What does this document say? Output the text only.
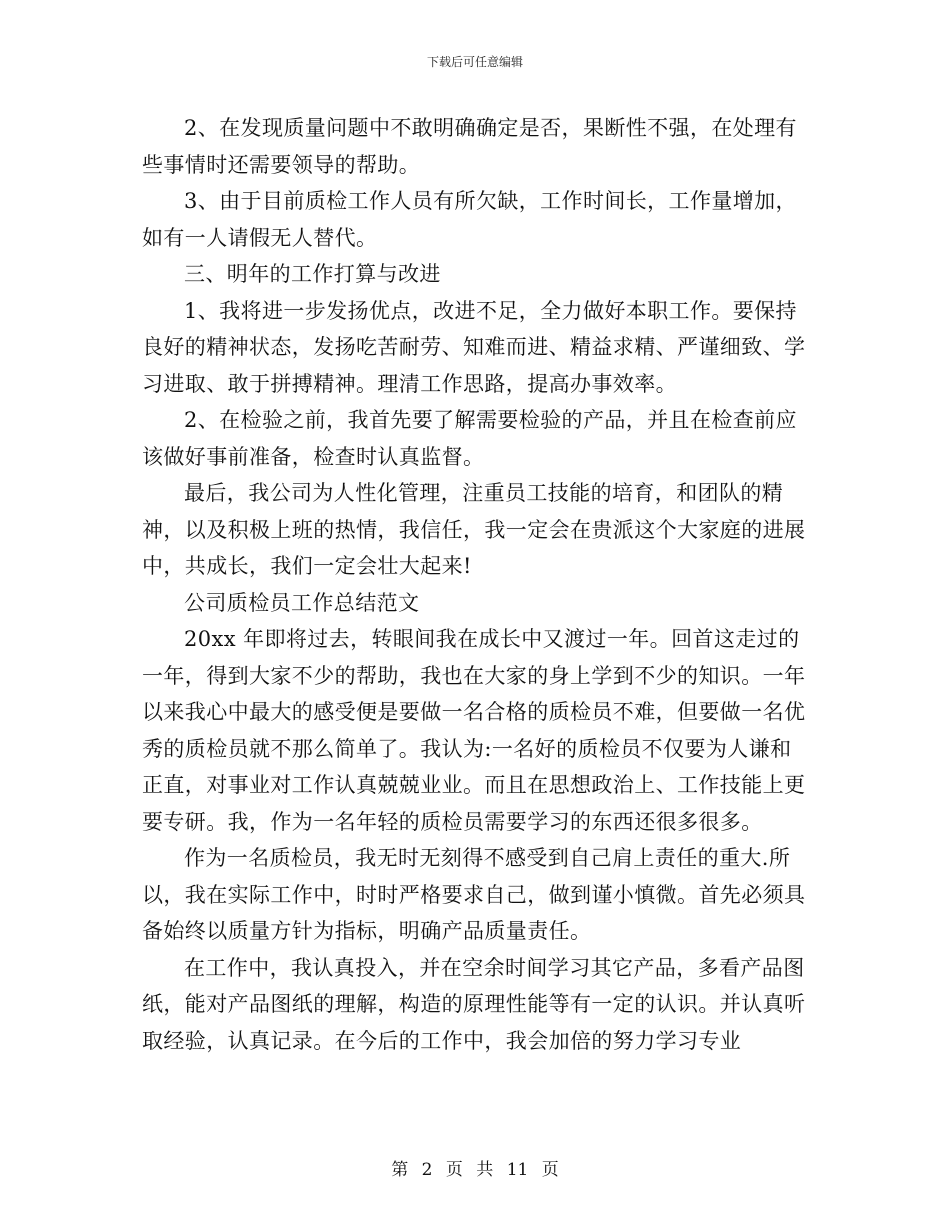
下载后可任意编辑

2、在发现质量问题中不敢明确确定是否，果断性不强，在处理有些事情时还需要领导的帮助。

3、由于目前质检工作人员有所欠缺，工作时间长，工作量增加，如有一人请假无人替代。

三、明年的工作打算与改进

1、我将进一步发扬优点，改进不足，全力做好本职工作。要保持良好的精神状态，发扬吃苦耐劳、知难而进、精益求精、严谨细致、学习进取、敢于拼搏精神。理清工作思路，提高办事效率。

2、在检验之前，我首先要了解需要检验的产品，并且在检查前应该做好事前准备，检查时认真监督。

最后，我公司为人性化管理，注重员工技能的培育，和团队的精神，以及积极上班的热情，我信任，我一定会在贵派这个大家庭的进展中，共成长，我们一定会壮大起来!

公司质检员工作总结范文

20xx 年即将过去，转眼间我在成长中又渡过一年。回首这走过的一年，得到大家不少的帮助，我也在大家的身上学到不少的知识。一年以来我心中最大的感受便是要做一名合格的质检员不难，但要做一名优秀的质检员就不那么简单了。我认为:一名好的质检员不仅要为人谦和正直，对事业对工作认真兢兢业业。而且在思想政治上、工作技能上更要专研。我，作为一名年轻的质检员需要学习的东西还很多很多。

作为一名质检员，我无时无刻得不感受到自己肩上责任的重大.所以，我在实际工作中，时时严格要求自己，做到谨小慎微。首先必须具备始终以质量方针为指标，明确产品质量责任。

在工作中，我认真投入，并在空余时间学习其它产品，多看产品图纸，能对产品图纸的理解，构造的原理性能等有一定的认识。并认真听取经验，认真记录。在今后的工作中，我会加倍的努力学习专业

第 2 页 共 11 页
